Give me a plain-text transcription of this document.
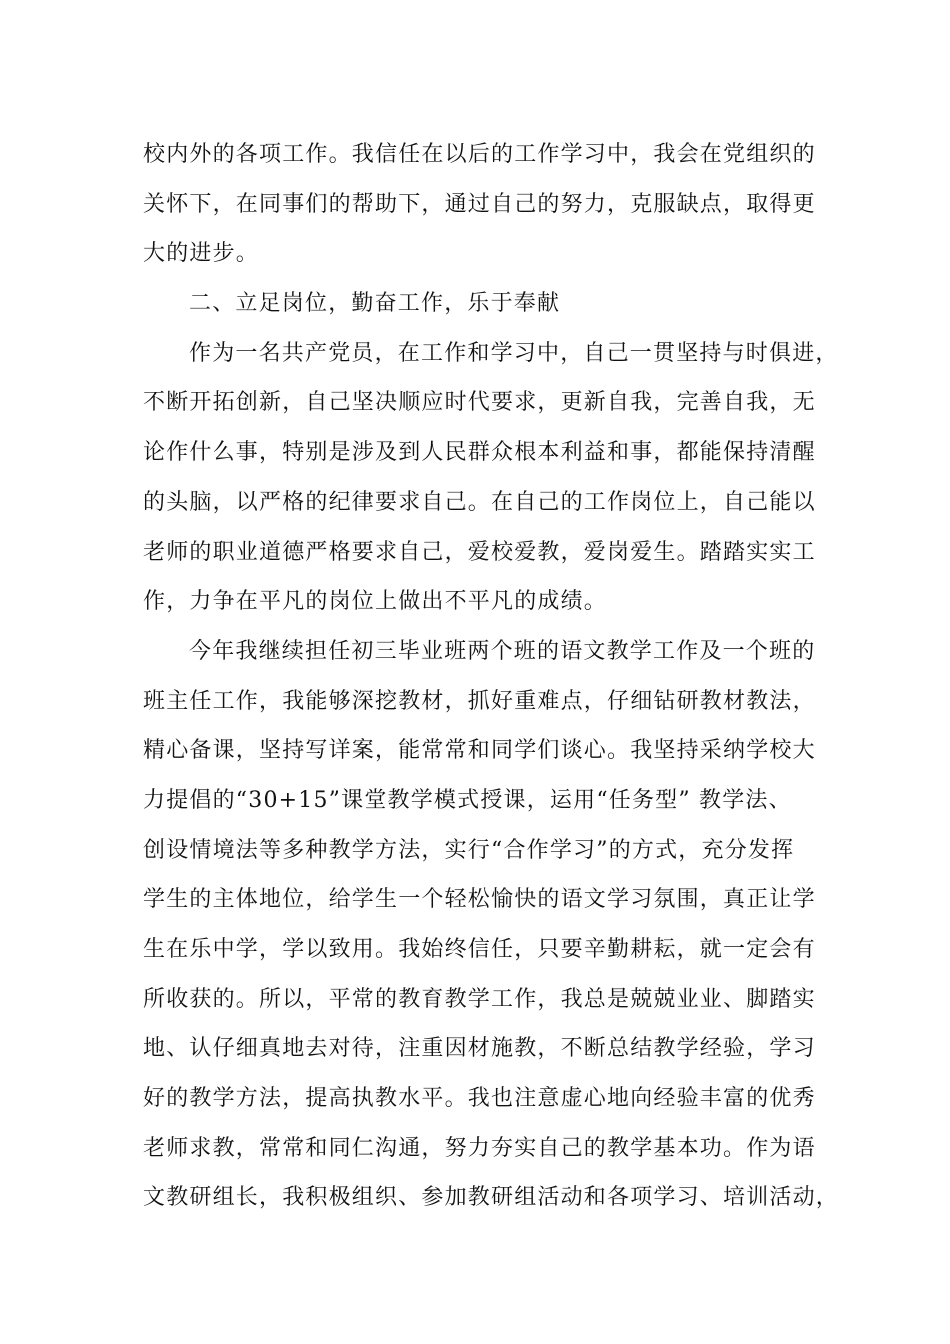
校内外的各项工作。我信任在以后的工作学习中，我会在党组织的
关怀下，在同事们的帮助下，通过自己的努力，克服缺点，取得更
大的进步。
二、立足岗位，勤奋工作，乐于奉献
作为一名共产党员，在工作和学习中，自己一贯坚持与时俱进，
不断开拓创新，自己坚决顺应时代要求，更新自我，完善自我，无
论作什么事，特别是涉及到人民群众根本利益和事，都能保持清醒
的头脑，以严格的纪律要求自己。在自己的工作岗位上，自己能以
老师的职业道德严格要求自己，爱校爱教，爱岗爱生。踏踏实实工
作，力争在平凡的岗位上做出不平凡的成绩。
今年我继续担任初三毕业班两个班的语文教学工作及一个班的
班主任工作，我能够深挖教材，抓好重难点，仔细钻研教材教法，
精心备课，坚持写详案，能常常和同学们谈心。我坚持采纳学校大
力提倡的“30+15”课堂教学模式授课，运用“任务型” 教学法、
创设情境法等多种教学方法，实行“合作学习”的方式，充分发挥
学生的主体地位，给学生一个轻松愉快的语文学习氛围，真正让学
生在乐中学，学以致用。我始终信任，只要辛勤耕耘，就一定会有
所收获的。所以，平常的教育教学工作，我总是兢兢业业、脚踏实
地、认仔细真地去对待，注重因材施教，不断总结教学经验，学习
好的教学方法，提高执教水平。我也注意虚心地向经验丰富的优秀
老师求教，常常和同仁沟通，努力夯实自己的教学基本功。作为语
文教研组长，我积极组织、参加教研组活动和各项学习、培训活动，
